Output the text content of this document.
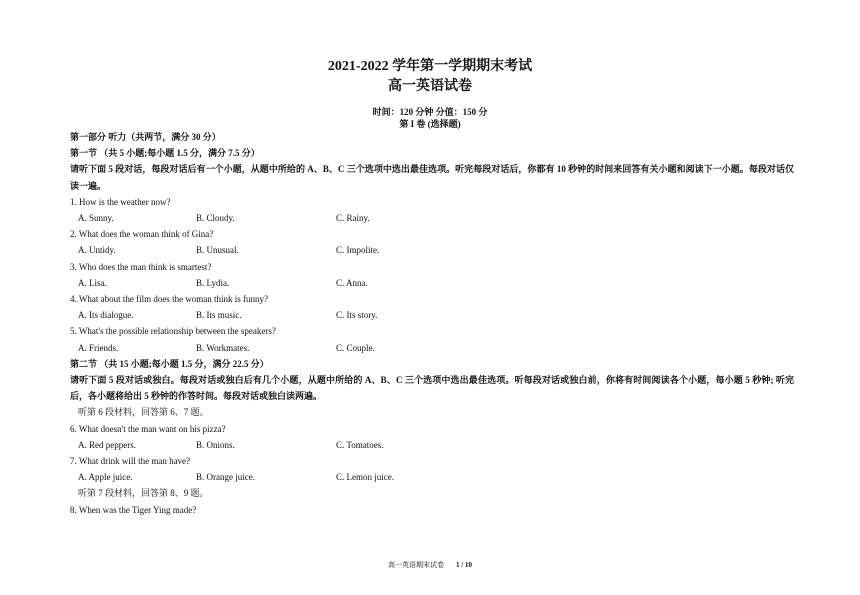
2021-2022 学年第一学期期末考试
高一英语试卷
时间：120 分钟 分值：150 分
第 I 卷 (选择题)
第一部分 听力（共两节，满分 30 分）
第一节 （共 5 小题;每小题 1.5 分，满分 7.5 分）
请听下面 5 段对话，每段对话后有一个小题，从题中所给的 A、B、C 三个选项中选出最佳选项。听完每段对话后，你都有 10 秒钟的时间来回答有关小题和阅读下一小题。每段对话仅读一遍。
1. How is the weather now?
A. Sunny.	B. Cloudy.	C. Rainy.
2. What does the woman think of Gina?
A. Untidy.	B. Unusual.	C. Impolite.
3. Who does the man think is smartest?
A. Lisa.	B. Lydia.	C. Anna.
4. What about the film does the woman think is funny?
A. Its dialogue.	B. Its music.	C. Its story.
5. What's the possible relationship between the speakers?
A. Friends.	B. Workmates.	C. Couple.
第二节 （共 15 小题;每小题 1.5 分，满分 22.5 分）
请听下面 5 段对话或独白。每段对话或独白后有几个小题，从题中所给的 A、B、C 三个选项中选出最佳选项。听每段对话或独白前，你将有时间阅读各个小题，每小题 5 秒钟; 听完后，各小题将给出 5 秒钟的作答时间。每段对话或独白读两遍。
听第 6 段材料，回答第 6、7 题。
6. What doesn't the man want on his pizza?
A. Red peppers.	B. Onions.	C. Tomatoes.
7. What drink will the man have?
A. Apple juice.	B. Orange juice.	C. Lemon juice.
听第 7 段材料，回答第 8、9 题。
8. When was the Tiger Ying made?
高一英语期末试卷 1 / 10
